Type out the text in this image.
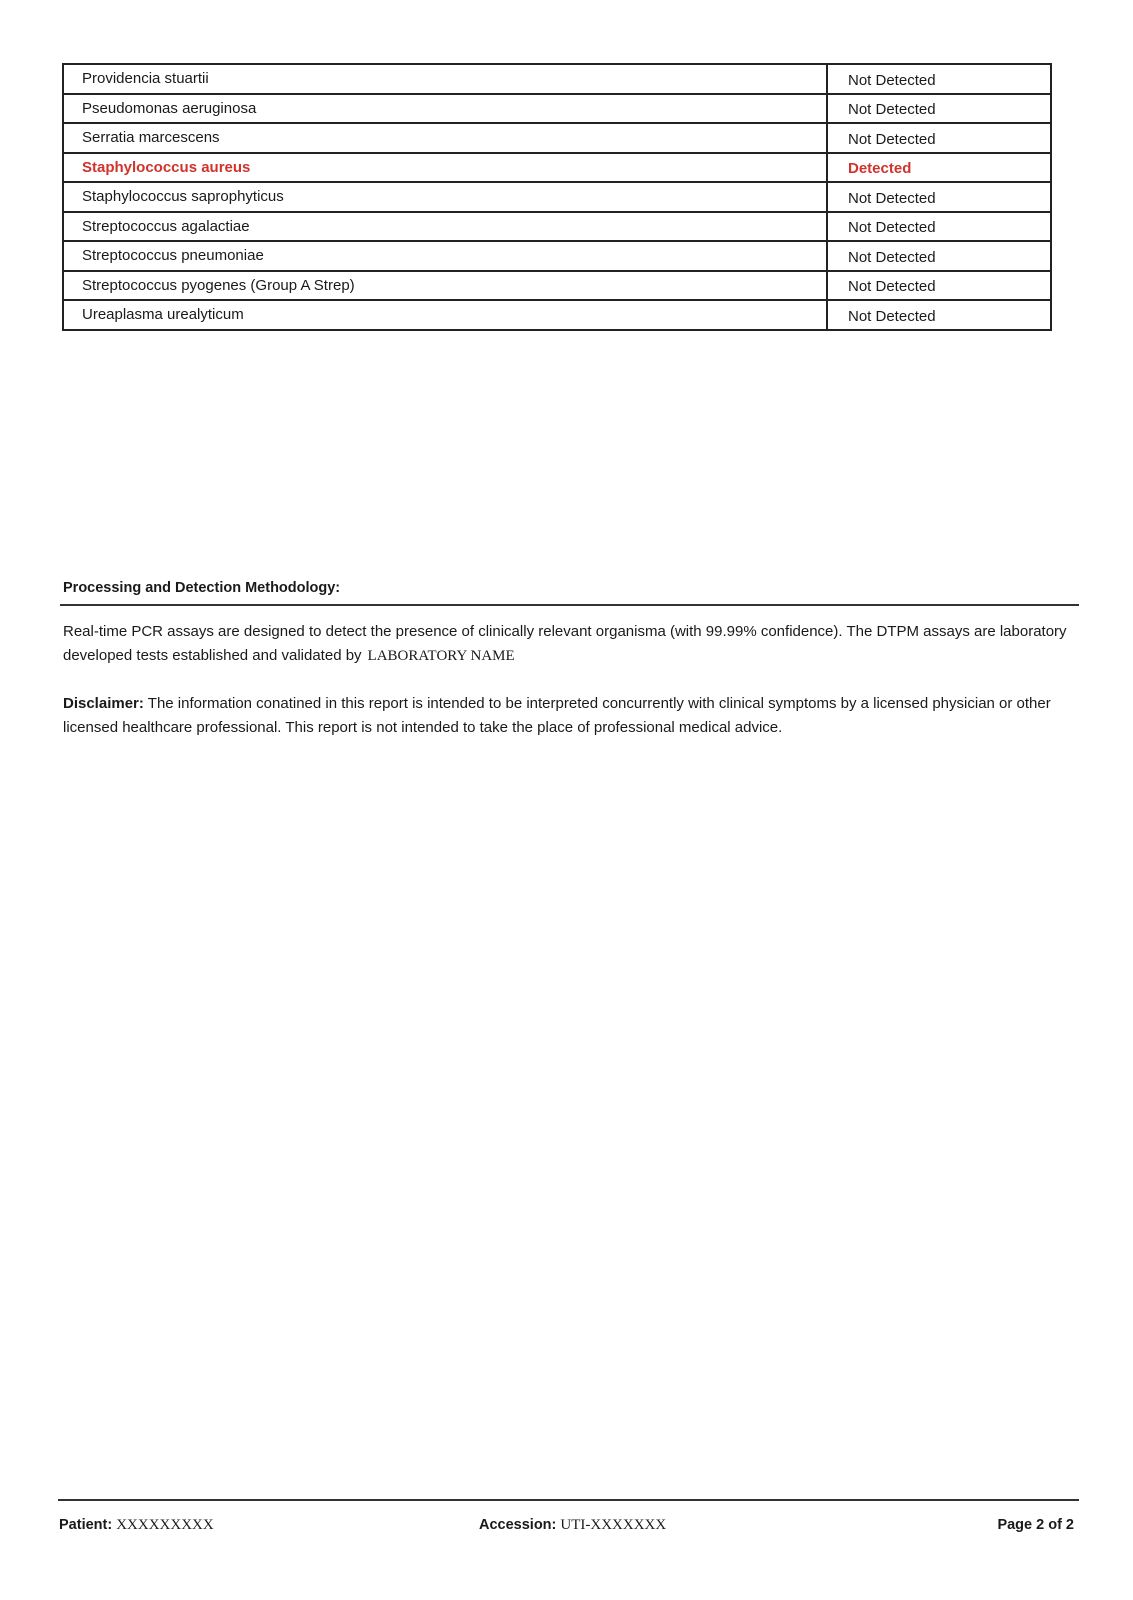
Providencia stuartii	Not Detected
Pseudomonas aeruginosa	Not Detected
Serratia marcescens	Not Detected
Staphylococcus aureus	Detected
Staphylococcus saprophyticus	Not Detected
Streptococcus agalactiae	Not Detected
Streptococcus pneumoniae	Not Detected
Streptococcus pyogenes (Group A Strep)	Not Detected
Ureaplasma urealyticum	Not Detected
Processing and Detection Methodology:

Real-time PCR assays are designed to detect the presence of clinically relevant organisma (with 99.99% confidence). The DTPM assays are laboratory developed tests established and validated by LABORATORY NAME

Disclaimer: The information conatined in this report is intended to be interpreted concurrently with clinical symptoms by a licensed physician or other licensed healthcare professional. This report is not intended to take the place of professional medical advice.

Patient: XXXXXXXXX	Accession: UTI-XXXXXXX	Page 2 of 2
